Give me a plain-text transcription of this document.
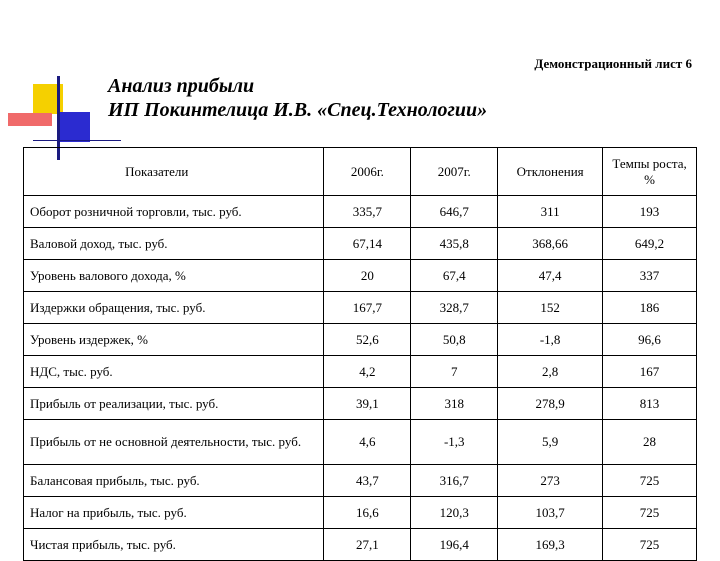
Демонстрационный лист 6
Анализ прибыли
ИП Покинтелица И.В. «Спец.Технологии»
Показатели	2006г.	2007г.	Отклонения	Темпы роста, %
Оборот розничной торговли, тыс. руб.	335,7	646,7	311	193
Валовой доход, тыс. руб.	67,14	435,8	368,66	649,2
Уровень валового дохода, %	20	67,4	47,4	337
Издержки обращения, тыс. руб.	167,7	328,7	152	186
Уровень издержек, %	52,6	50,8	-1,8	96,6
НДС, тыс. руб.	4,2	7	2,8	167
Прибыль от реализации, тыс. руб.	39,1	318	278,9	813
Прибыль от не основной деятельности, тыс. руб.	4,6	-1,3	5,9	28
Балансовая прибыль, тыс. руб.	43,7	316,7	273	725
Налог на прибыль, тыс. руб.	16,6	120,3	103,7	725
Чистая прибыль, тыс. руб.	27,1	196,4	169,3	725
